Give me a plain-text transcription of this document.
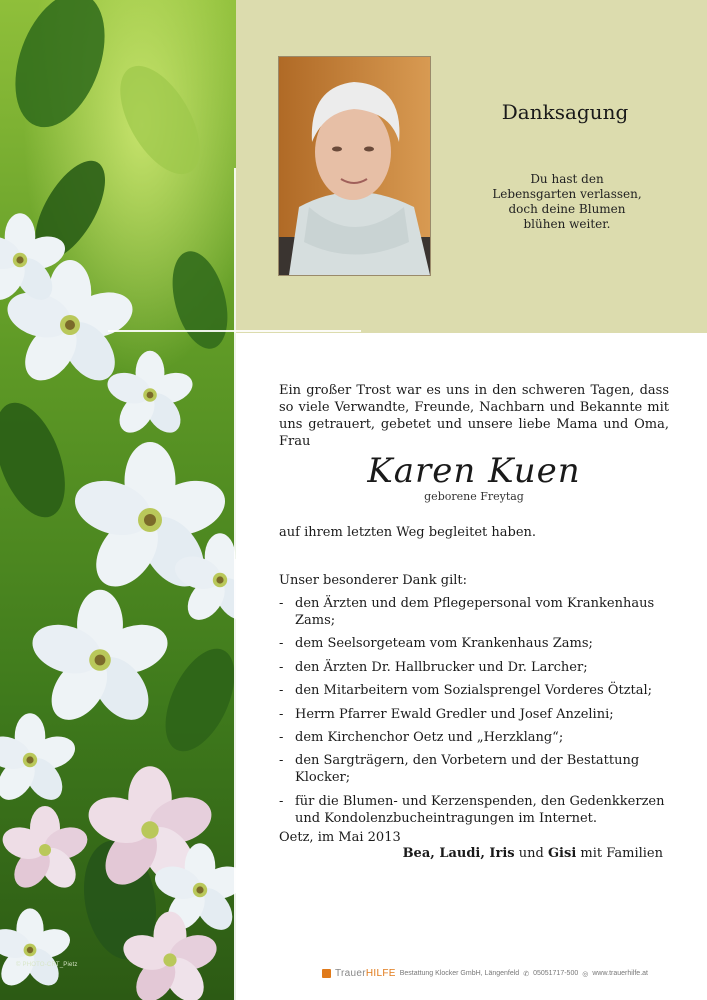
© PHOTO-CRT_Pietz
Danksagung
Du hast den
Lebensgarten verlassen,
doch deine Blumen
blühen weiter.
Ein großer Trost war es uns in den schweren Tagen, dass so viele Verwandte, Freunde, Nachbarn und Bekannte mit uns getrauert, gebetet und unsere liebe Mama und Oma, Frau
Karen Kuen
geborene Freytag
auf ihrem letzten Weg begleitet haben.
Unser besonderer Dank gilt:
- den Ärzten und dem Pflegepersonal vom Krankenhaus Zams;
- dem Seelsorgeteam vom Krankenhaus Zams;
- den Ärzten Dr. Hallbrucker und Dr. Larcher;
- den Mitarbeitern vom Sozialsprengel Vorderes Ötztal;
- Herrn Pfarrer Ewald Gredler und Josef Anzelini;
- dem Kirchenchor Oetz und „Herzklang“;
- den Sargträgern, den Vorbetern und der Bestattung Klocker;
- für die Blumen- und Kerzenspenden, den Gedenkkerzen und Kondolenzbucheintragungen im Internet.
Oetz, im Mai 2013
Bea, Laudi, Iris und Gisi mit Familien
TrauerHILFE Bestattung Klocker GmbH, Längenfeld ✆ 05051717-500 ◎ www.trauerhilfe.at
